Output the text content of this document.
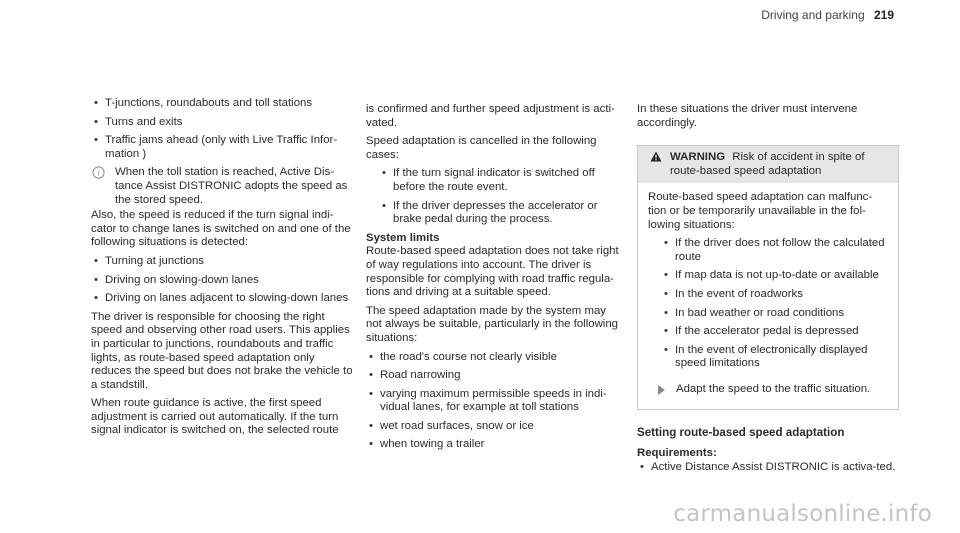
Driving and parking 219
• T-junctions, roundabouts and toll stations
• Turns and exits
• Traffic jams ahead (only with Live Traffic Infor-mation )
i When the toll station is reached, Active Dis-tance Assist DISTRONIC adopts the speed as the stored speed.

Also, the speed is reduced if the turn signal indi-cator to change lanes is switched on and one of the following situations is detected:

• Turning at junctions
• Driving on slowing-down lanes
• Driving on lanes adjacent to slowing-down lanes

The driver is responsible for choosing the right speed and observing other road users. This applies in particular to junctions, roundabouts and traffic lights, as route-based speed adaptation only reduces the speed but does not brake the vehicle to a standstill.

When route guidance is active, the first speed adjustment is carried out automatically. If the turn signal indicator is switched on, the selected route

is confirmed and further speed adjustment is acti-vated.

Speed adaptation is cancelled in the following cases:

• If the turn signal indicator is switched off before the route event.
• If the driver depresses the accelerator or brake pedal during the process.

System limits

Route-based speed adaptation does not take right of way regulations into account. The driver is responsible for complying with road traffic regula-tions and driving at a suitable speed.

The speed adaptation made by the system may not always be suitable, particularly in the following situations:

• the road's course not clearly visible
• Road narrowing
• varying maximum permissible speeds in indi-vidual lanes, for example at toll stations
• wet road surfaces, snow or ice
• when towing a trailer

In these situations the driver must intervene accordingly.

WARNING Risk of accident in spite of route-based speed adaptation

Route-based speed adaptation can malfunc-tion or be temporarily unavailable in the fol-lowing situations:

• If the driver does not follow the calculated route
• If map data is not up-to-date or available
• In the event of roadworks
• In bad weather or road conditions
• If the accelerator pedal is depressed
• In the event of electronically displayed speed limitations
Adapt the speed to the traffic situation.

Setting route-based speed adaptation

Requirements:

• Active Distance Assist DISTRONIC is activa-ted.
carmanualsonline.info
